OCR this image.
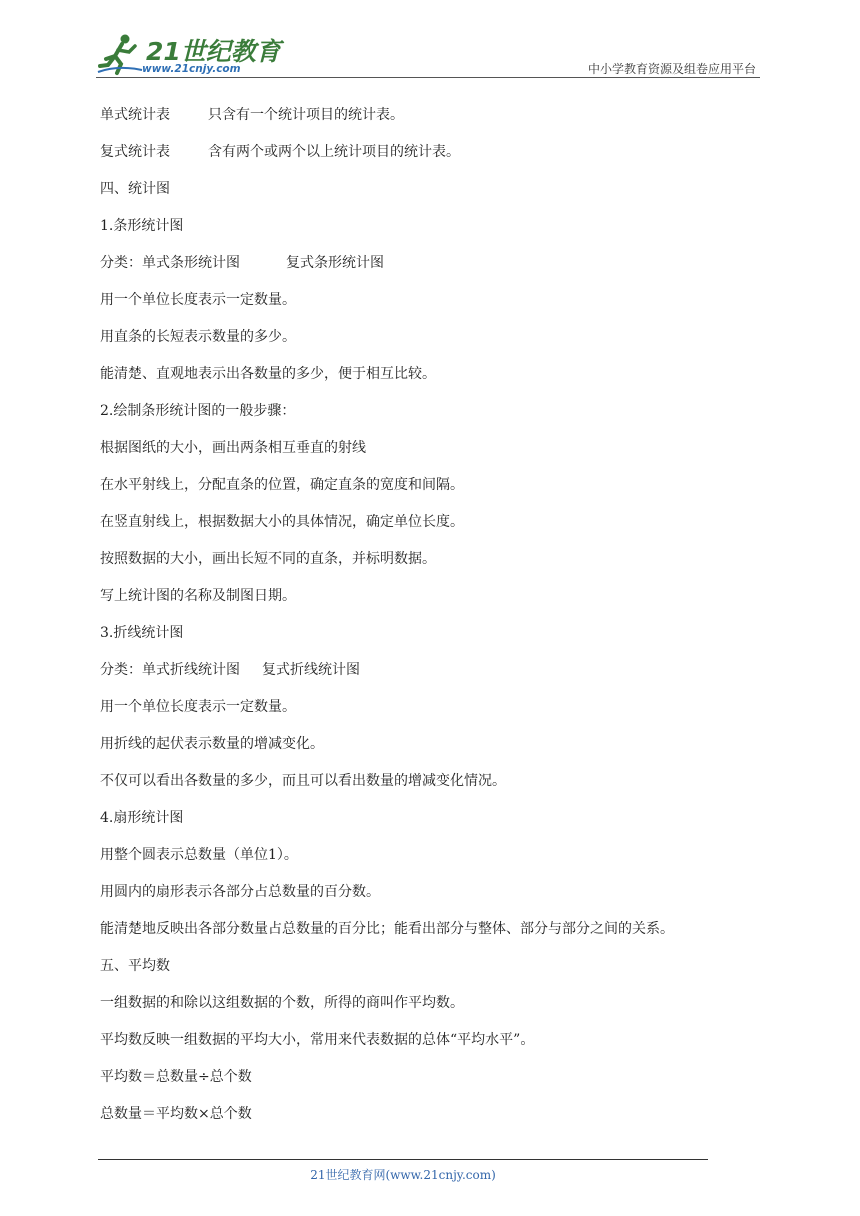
21世纪教育
www.21cnjy.com	中小学教育资源及组卷应用平台
单式统计表	只含有一个统计项目的统计表。
复式统计表	含有两个或两个以上统计项目的统计表。
四、统计图
1.条形统计图
分类：单式条形统计图	复式条形统计图
用一个单位长度表示一定数量。
用直条的长短表示数量的多少。
能清楚、直观地表示出各数量的多少，便于相互比较。
2.绘制条形统计图的一般步骤：
根据图纸的大小，画出两条相互垂直的射线
在水平射线上，分配直条的位置，确定直条的宽度和间隔。
在竖直射线上，根据数据大小的具体情况，确定单位长度。
按照数据的大小，画出长短不同的直条，并标明数据。
写上统计图的名称及制图日期。
3.折线统计图
分类：单式折线统计图 复式折线统计图
用一个单位长度表示一定数量。
用折线的起伏表示数量的增减变化。
不仅可以看出各数量的多少，而且可以看出数量的增减变化情况。
4.扇形统计图
用整个圆表示总数量（单位1）。
用圆内的扇形表示各部分占总数量的百分数。
能清楚地反映出各部分数量占总数量的百分比；能看出部分与整体、部分与部分之间的关系。
五、平均数
一组数据的和除以这组数据的个数，所得的商叫作平均数。
平均数反映一组数据的平均大小，常用来代表数据的总体“平均水平”。
平均数＝总数量÷总个数
总数量＝平均数×总个数
21世纪教育网(www.21cnjy.com)
